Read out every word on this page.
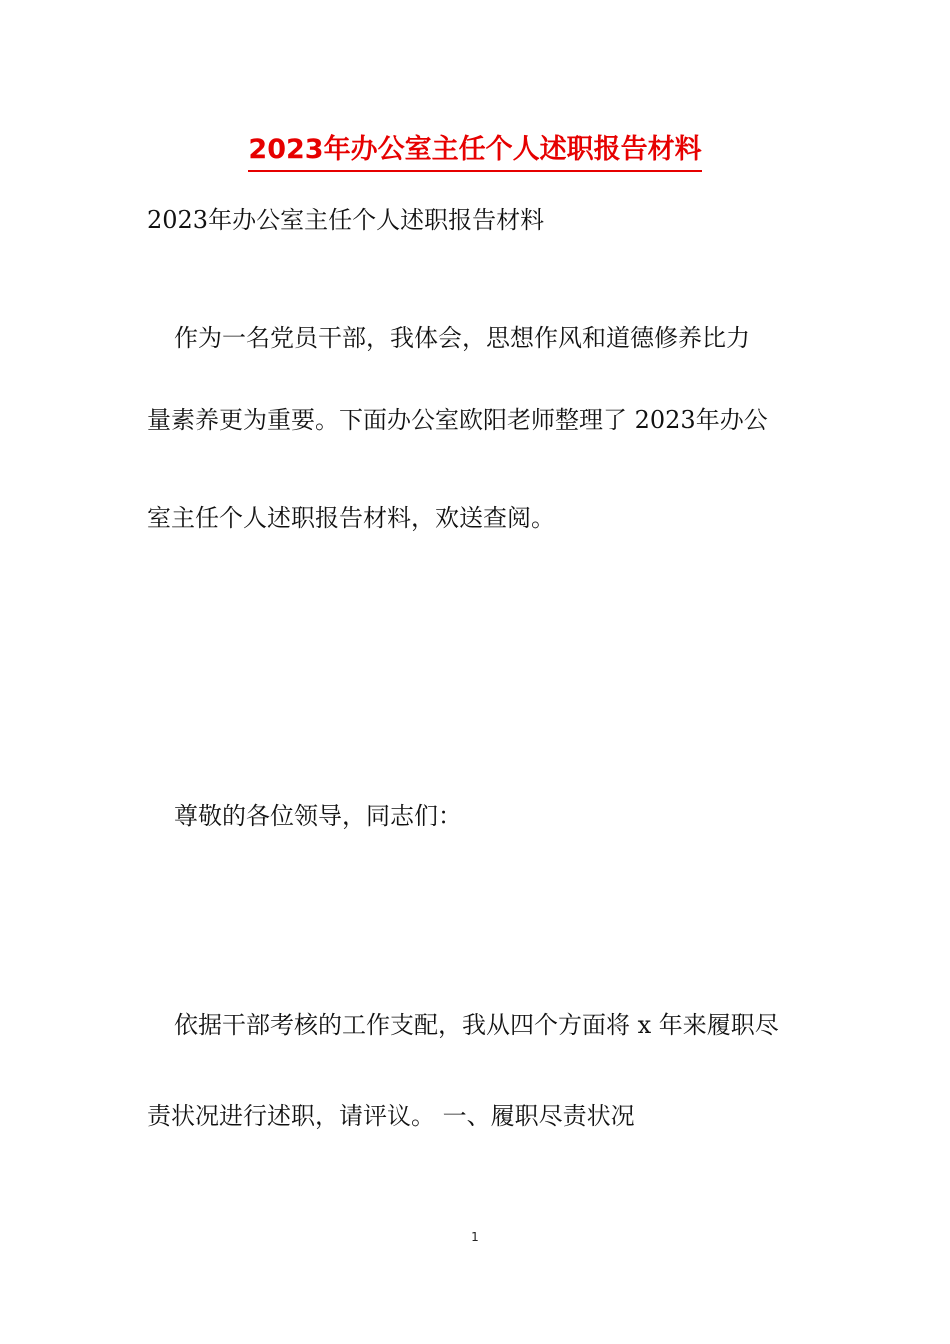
2023年办公室主任个人述职报告材料
2023年办公室主任个人述职报告材料
作为一名党员干部，我体会，思想作风和道德修养比力
量素养更为重要。下面办公室欧阳老师整理了 2023年办公
室主任个人述职报告材料，欢送查阅。
尊敬的各位领导，同志们：
依据干部考核的工作支配，我从四个方面将 x 年来履职尽
责状况进行述职，请评议。 一、履职尽责状况
1
